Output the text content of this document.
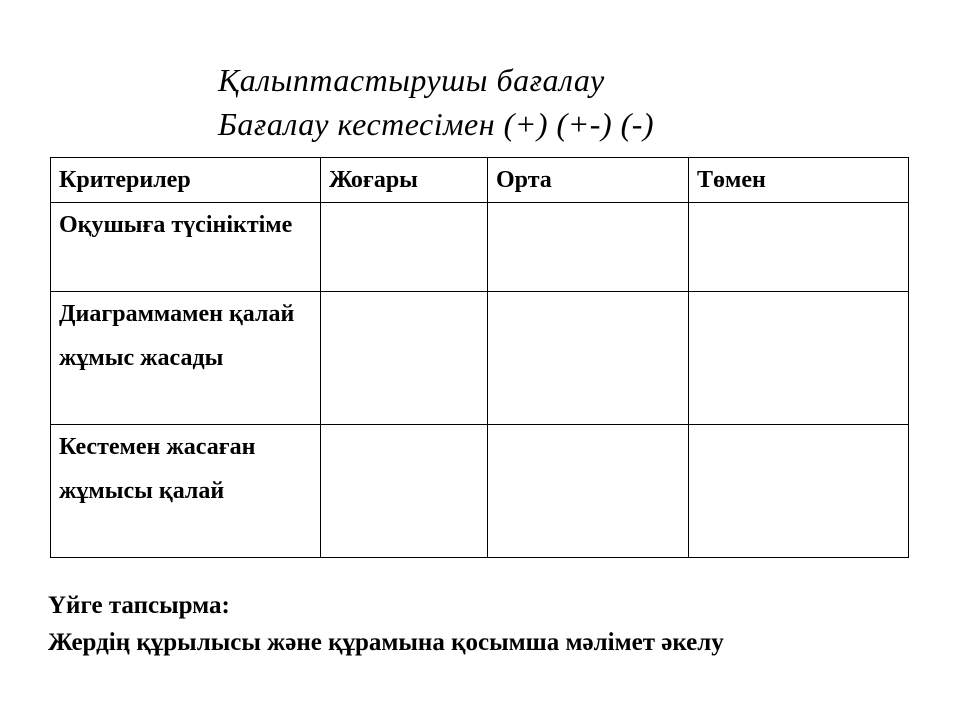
Қалыптастырушы бағалау
Бағалау кестесімен (+) (+-) (-)
Критерилер	Жоғары	Орта	Төмен
Оқушыға түсініктіме			
Диаграммамен қалай жұмыс жасады			
Кестемен жасаған жұмысы қалай			
Үйге тапсырма:
Жердің құрылысы және құрамына қосымша мәлімет әкелу
